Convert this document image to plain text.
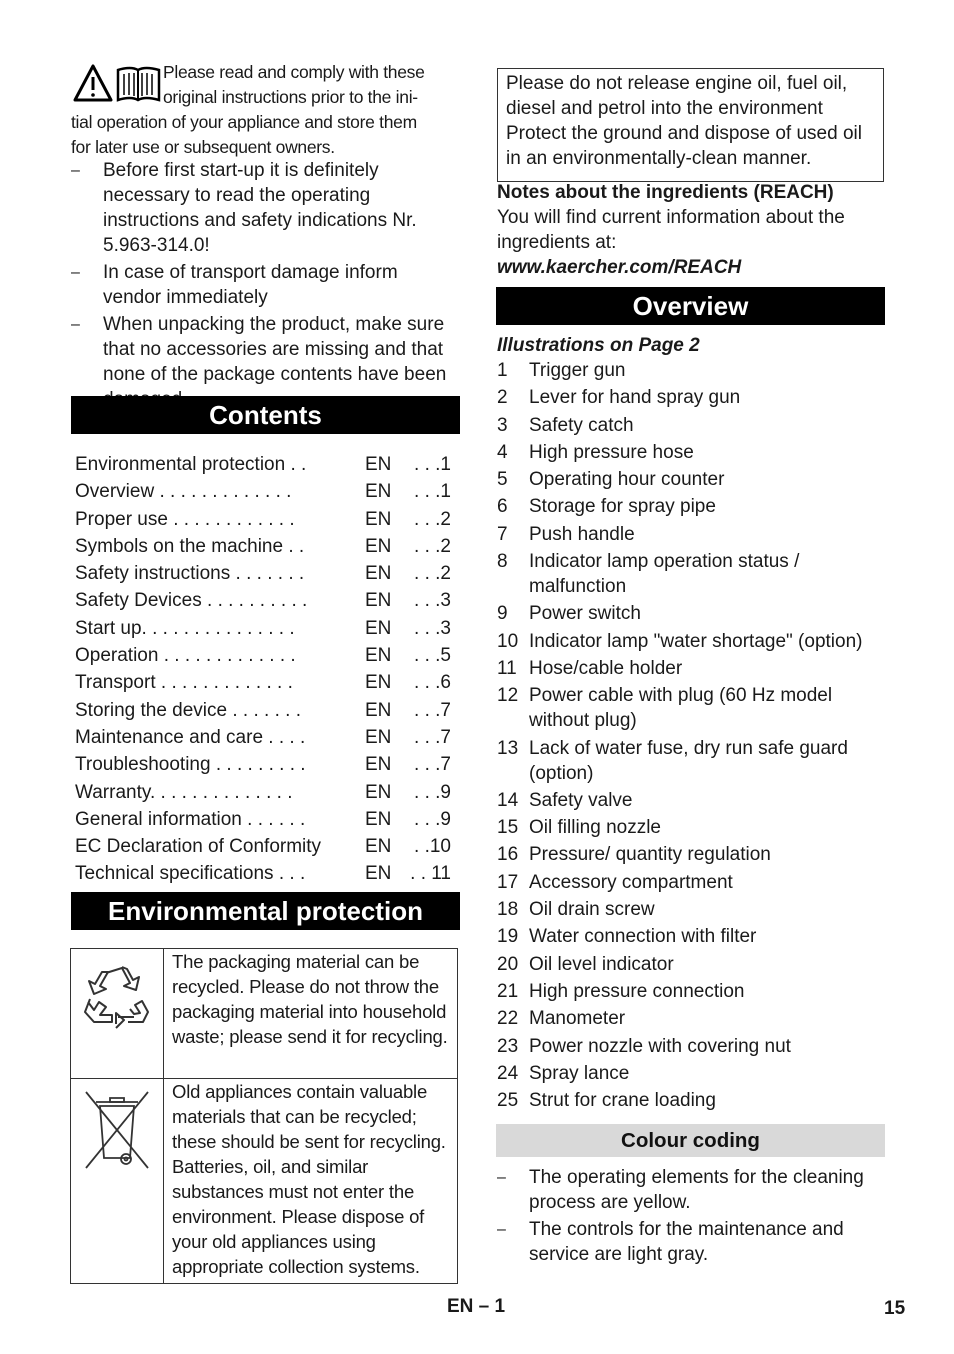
Please read and comply with these
original instructions prior to the ini-
tial operation of your appliance and store them
for later use or subsequent owners.
– Before first start-up it is definitely necessary to read the operating instructions and safety indications Nr. 5.963-314.0!
– In case of transport damage inform vendor immediately
– When unpacking the product, make sure that no accessories are missing and that none of the package contents have been
Contents
Environmental protection . .	EN	. . .1
Overview . . . . . . . . . . . . .	EN	. . .1
Proper use . . . . . . . . . . . .	EN	. . .2
Symbols on the machine . .	EN	. . .2
Safety instructions . . . . . . .	EN	. . .2
Safety Devices . . . . . . . . . .	EN	. . .3
Start up. . . . . . . . . . . . . . .	EN	. . .3
Operation . . . . . . . . . . . . .	EN	. . .5
Transport . . . . . . . . . . . . .	EN	. . .6
Storing the device . . . . . . .	EN	. . .7
Maintenance and care . . . .	EN	. . .7
Troubleshooting . . . . . . . . .	EN	. . .7
Warranty. . . . . . . . . . . . . .	EN	. . .9
General information . . . . . .	EN	. . .9
EC Declaration of Conformity	EN	. .10
Technical specifications . . .	EN . . 11
Environmental protection
	The packaging material can be recycled. Please do not throw the packaging material into household waste; please send it for recycling.
	Old appliances contain valuable materials that can be recycled; these should be sent for recycling. Batteries, oil, and similar substances must not enter the environment. Please dispose of your old appliances using appropriate collection systems.
Please do not release engine oil, fuel oil, diesel and petrol into the environment Protect the ground and dispose of used oil in an environmentally-clean manner.
Notes about the ingredients (REACH)
You will find current information about the ingredients at:
www.kaercher.com/REACH
Overview
Illustrations on Page 2
1 Trigger gun
2 Lever for hand spray gun
3 Safety catch
4 High pressure hose
5 Operating hour counter
6 Storage for spray pipe
7 Push handle
8 Indicator lamp operation status / malfunction
9 Power switch
10 Indicator lamp "water shortage" (option)
11 Hose/cable holder
12 Power cable with plug (60 Hz model without plug)
13 Lack of water fuse, dry run safe guard (option)
14 Safety valve
15 Oil filling nozzle
16 Pressure/ quantity regulation
17 Accessory compartment
18 Oil drain screw
19 Water connection with filter
20 Oil level indicator
21 High pressure connection
22 Manometer
23 Power nozzle with covering nut
24 Spray lance
25 Strut for crane loading
Colour coding
– The operating elements for the cleaning process are yellow.
– The controls for the maintenance and service are light gray.
EN – 1	15
